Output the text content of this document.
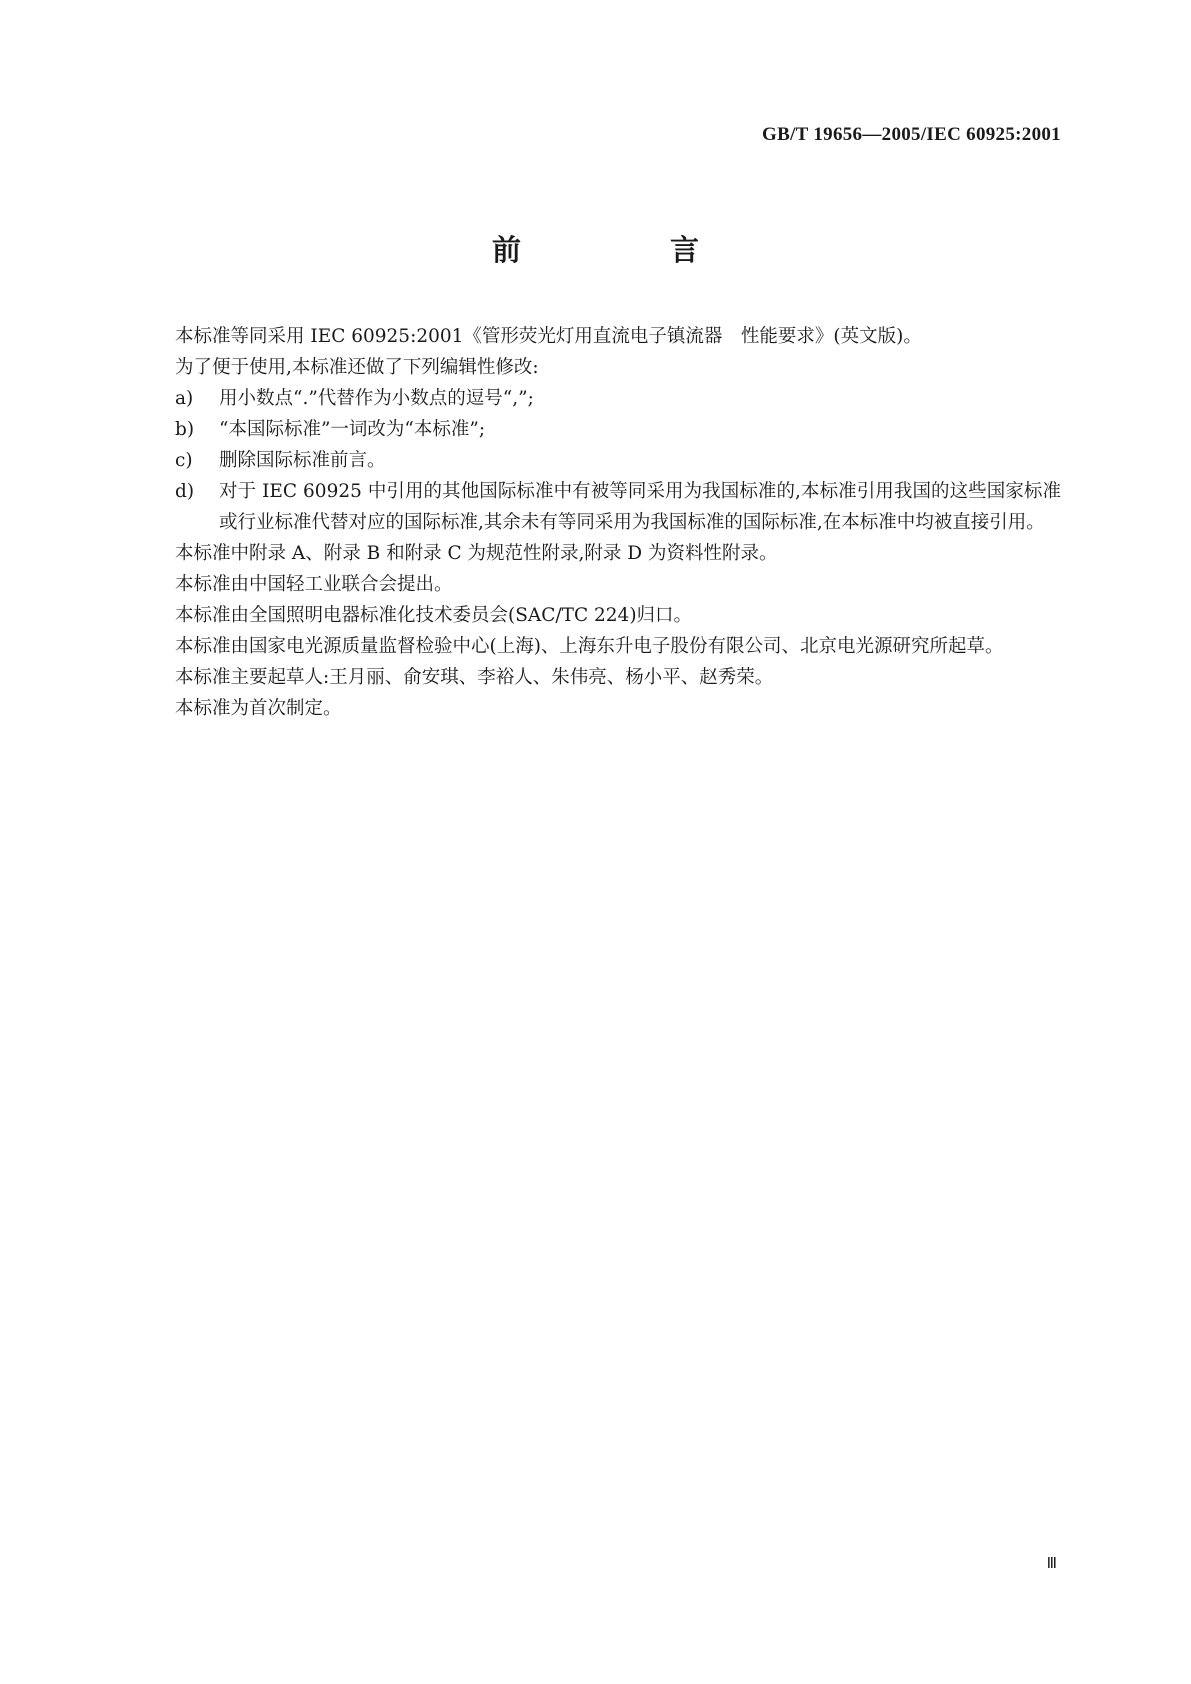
GB/T 19656—2005/IEC 60925:2001
前　言

本标准等同采用 IEC 60925:2001《管形荧光灯用直流电子镇流器　性能要求》(英文版)。

为了便于使用,本标准还做了下列编辑性修改:

a)	用小数点“.”代替作为小数点的逗号“,”;
b)	“本国际标准”一词改为“本标准”;
c)	删除国际标准前言。
d)	对于 IEC 60925 中引用的其他国际标准中有被等同采用为我国标准的,本标准引用我国的这些国家标准或行业标准代替对应的国际标准,其余未有等同采用为我国标准的国际标准,在本标准中均被直接引用。

本标准中附录 A、附录 B 和附录 C 为规范性附录,附录 D 为资料性附录。

本标准由中国轻工业联合会提出。

本标准由全国照明电器标准化技术委员会(SAC/TC 224)归口。

本标准由国家电光源质量监督检验中心(上海)、上海东升电子股份有限公司、北京电光源研究所起草。

本标准主要起草人:王月丽、俞安琪、李裕人、朱伟亮、杨小平、赵秀荣。

本标准为首次制定。

Ⅲ
